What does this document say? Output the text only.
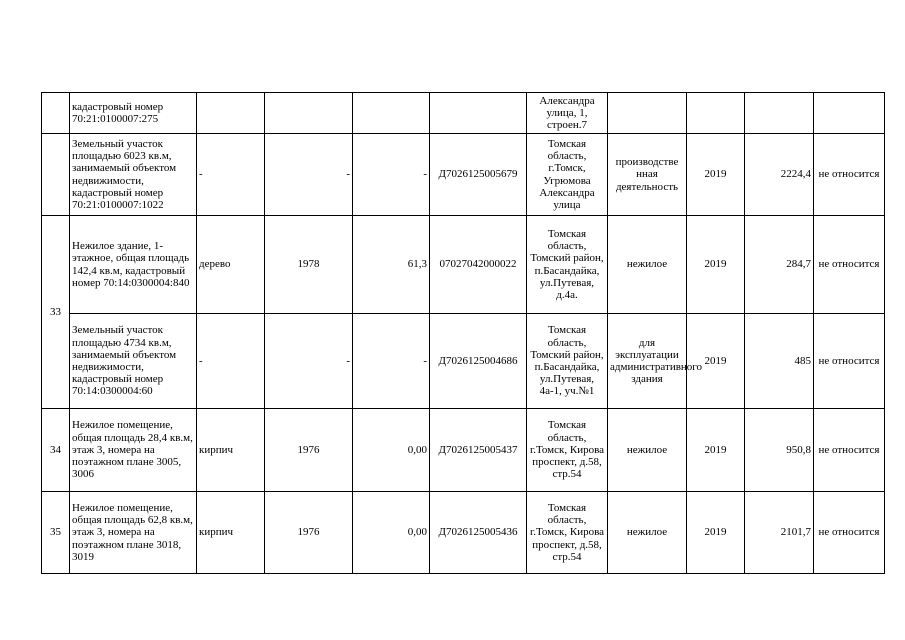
	кадастровый номер 70:21:0100007:275					Александра улица, 1, строен.7				
	Земельный участок площадью 6023 кв.м, занимаемый объектом недвижимости, кадастровый номер 70:21:0100007:1022	-	-	-	Д7026125005679	Томская область, г.Томск, Угрюмова Александра улица	производстве нная деятельность	2019	2224,4	не относится
33	Нежилое здание, 1-этажное, общая площадь 142,4 кв.м, кадастровый номер 70:14:0300004:840	дерево	1978	61,3	07027042000022	Томская область, Томский район, п.Басандайка, ул.Путевая, д.4а.	нежилое	2019	284,7	не относится
	Земельный участок площадью 4734 кв.м, занимаемый объектом недвижимости, кадастровый номер 70:14:0300004:60	-	-	-	Д7026125004686	Томская область, Томский район, п.Басандайка, ул.Путевая, 4а-1, уч.№1	для эксплуатации административного здания	2019	485	не относится
34	Нежилое помещение, общая площадь 28,4 кв.м, этаж 3, номера на поэтажном плане 3005, 3006	кирпич	1976	0,00	Д7026125005437	Томская область, г.Томск, Кирова проспект, д.58, стр.54	нежилое	2019	950,8	не относится
35	Нежилое помещение, общая площадь 62,8 кв.м, этаж 3, номера на поэтажном плане 3018, 3019	кирпич	1976	0,00	Д7026125005436	Томская область, г.Томск, Кирова проспект, д.58, стр.54	нежилое	2019	2101,7	не относится
